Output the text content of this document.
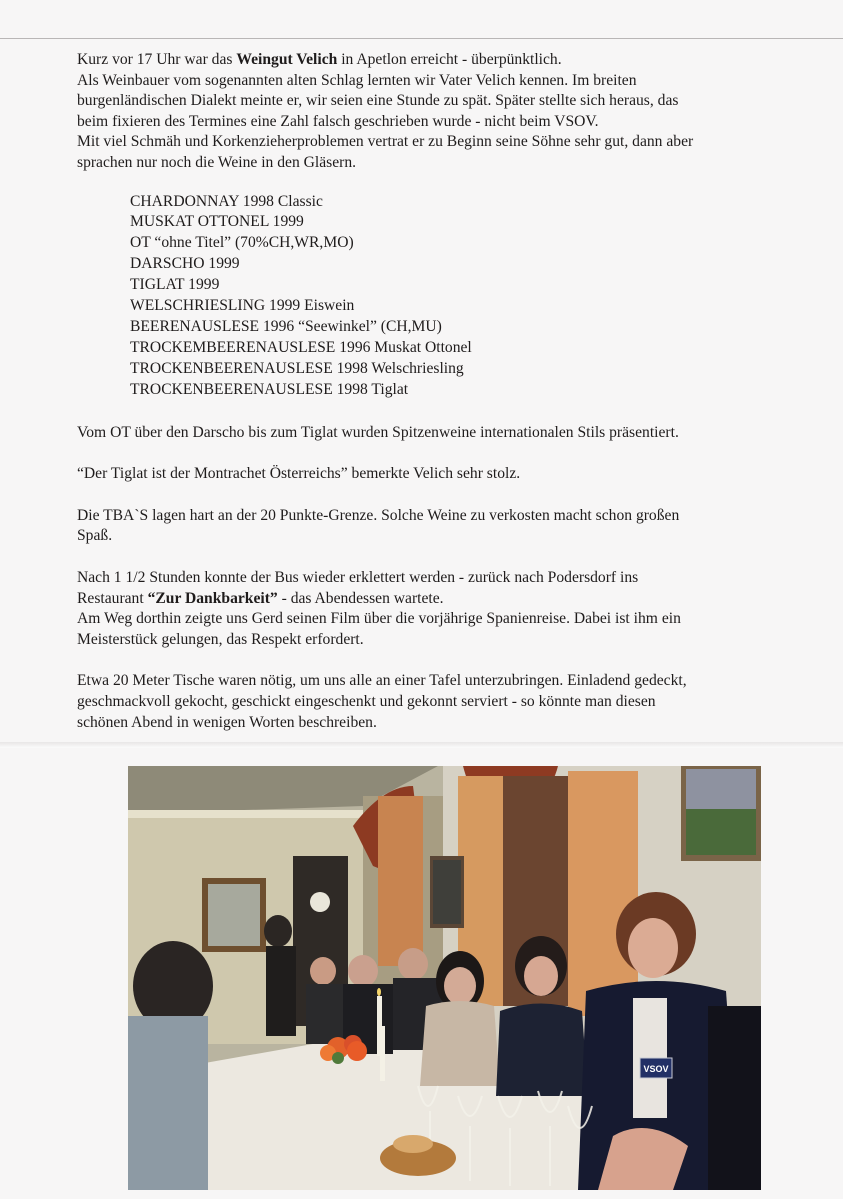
Kurz vor 17 Uhr war das Weingut Velich in Apetlon erreicht - überpünktlich.

Als Weinbauer vom sogenannten alten Schlag lernten wir Vater Velich kennen. Im breiten

burgenländischen Dialekt meinte er, wir seien eine Stunde zu spät. Später stellte sich heraus, das

beim fixieren des Termines eine Zahl falsch geschrieben wurde - nicht beim VSOV.

Mit viel Schmäh und Korkenzieherproblemen vertrat er zu Beginn seine Söhne sehr gut, dann aber

sprachen nur noch die Weine in den Gläsern.

CHARDONNAY 1998 Classic
MUSKAT OTTONEL 1999
OT “ohne Titel” (70%CH,WR,MO)
DARSCHO 1999
TIGLAT 1999
WELSCHRIESLING 1999 Eiswein
BEERENAUSLESE 1996 “Seewinkel” (CH,MU)
TROCKEMBEERENAUSLESE 1996 Muskat Ottonel
TROCKENBEERENAUSLESE 1998 Welschriesling
TROCKENBEERENAUSLESE 1998 Tiglat

Vom OT über den Darscho bis zum Tiglat wurden Spitzenweine internationalen Stils präsentiert.

“Der Tiglat ist der Montrachet Österreichs” bemerkte Velich sehr stolz.

Die TBA`S lagen hart an der 20 Punkte-Grenze. Solche Weine zu verkosten macht schon großen

Spaß.

Nach 1 1/2 Stunden konnte der Bus wieder erklettert werden - zurück nach Podersdorf ins

Restaurant “Zur Dankbarkeit” - das Abendessen wartete.

Am Weg dorthin zeigte uns Gerd seinen Film über die vorjährige Spanienreise. Dabei ist ihm ein

Meisterstück gelungen, das Respekt erfordert.

Etwa 20 Meter Tische waren nötig, um uns alle an einer Tafel unterzubringen. Einladend gedeckt,

geschmackvoll gekocht, geschickt eingeschenkt und gekonnt serviert - so könnte man diesen

schönen Abend in wenigen Worten beschreiben.

VSOV
